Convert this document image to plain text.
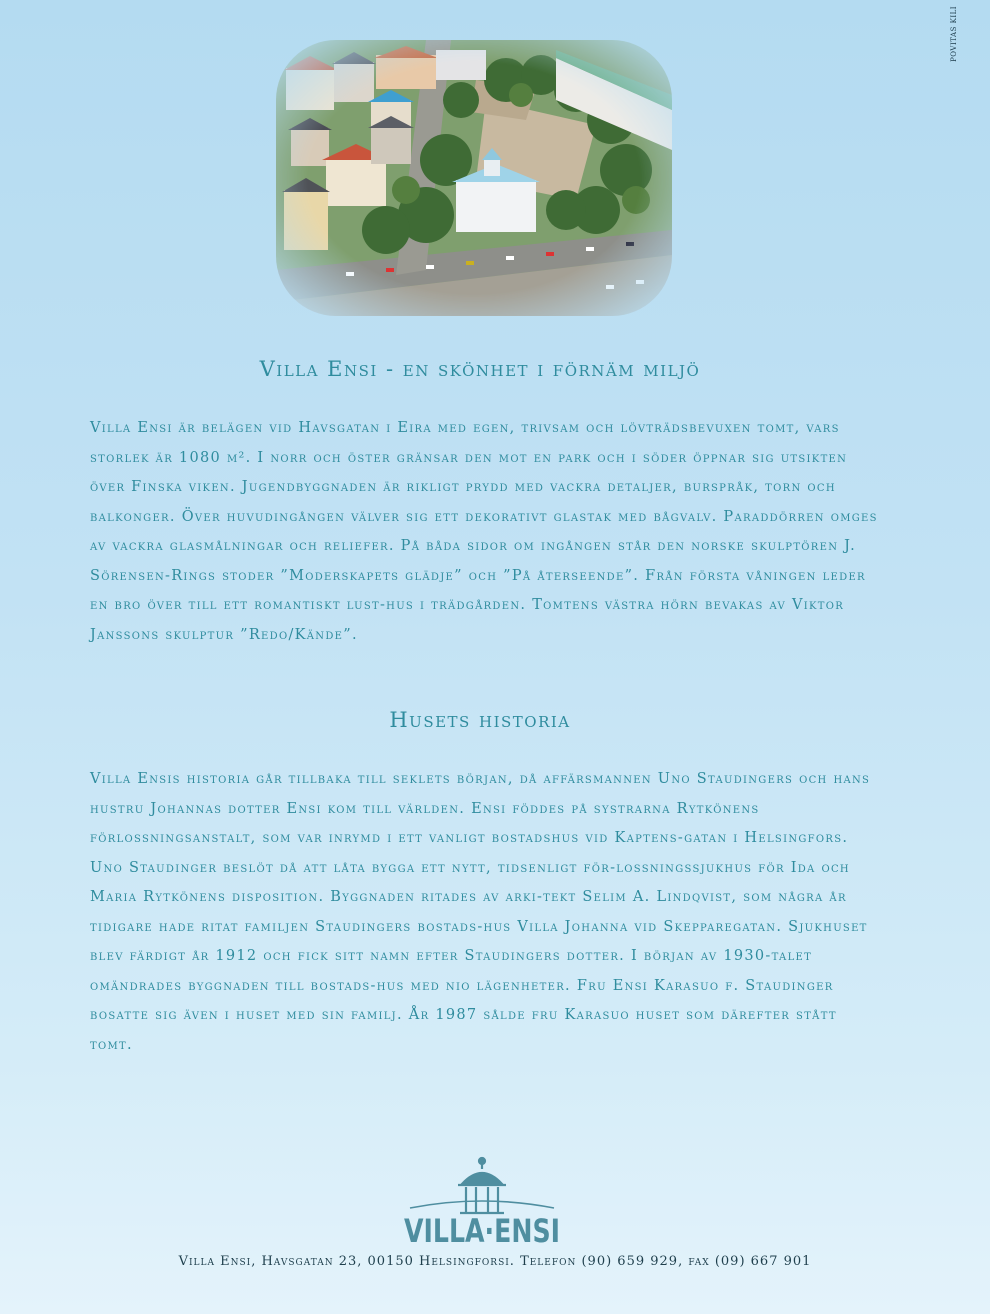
POVITAS KILI
Villa Ensi - en skönhet i förnäm miljö

Villa Ensi är belägen vid Havsgatan i Eira med egen, trivsam och lövträdsbevuxen tomt, vars storlek är 1080 m². I norr och öster gränsar den mot en park och i söder öppnar sig utsikten över Finska viken. Jugendbyggnaden är rikligt prydd med vackra detaljer, burspråk, torn och balkonger. Över huvudingången välver sig ett dekorativt glastak med bågvalv. Paraddörren omges av vackra glasmålningar och reliefer. På båda sidor om ingången står den norske skulptören J. Sörensen-Rings stoder ”Moderskapets glädje” och ”På återseende”. Från första våningen leder en bro över till ett romantiskt lust-hus i trädgården. Tomtens västra hörn bevakas av Viktor Janssons skulptur ”Redo/Kände”.

Husets historia

Villa Ensis historia går tillbaka till seklets början, då affärsmannen Uno Staudingers och hans hustru Johannas dotter Ensi kom till världen. Ensi föddes på systrarna Rytkönens förlossningsanstalt, som var inrymd i ett vanligt bostadshus vid Kaptens-gatan i Helsingfors. Uno Staudinger beslöt då att låta bygga ett nytt, tidsenligt för-lossningssjukhus för Ida och Maria Rytkönens disposition. Byggnaden ritades av arki-tekt Selim A. Lindqvist, som några år tidigare hade ritat familjen Staudingers bostads-hus Villa Johanna vid Skepparegatan. Sjukhuset blev färdigt år 1912 och fick sitt namn efter Staudingers dotter. I början av 1930-talet omändrades byggnaden till bostads-hus med nio lägenheter. Fru Ensi Karasuo f. Staudinger bosatte sig även i huset med sin familj. År 1987 sålde fru Karasuo huset som därefter stått tomt.

VILLA·ENSI
Villa Ensi, Havsgatan 23, 00150 Helsingforsi. Telefon (90) 659 929, fax (09) 667 901
